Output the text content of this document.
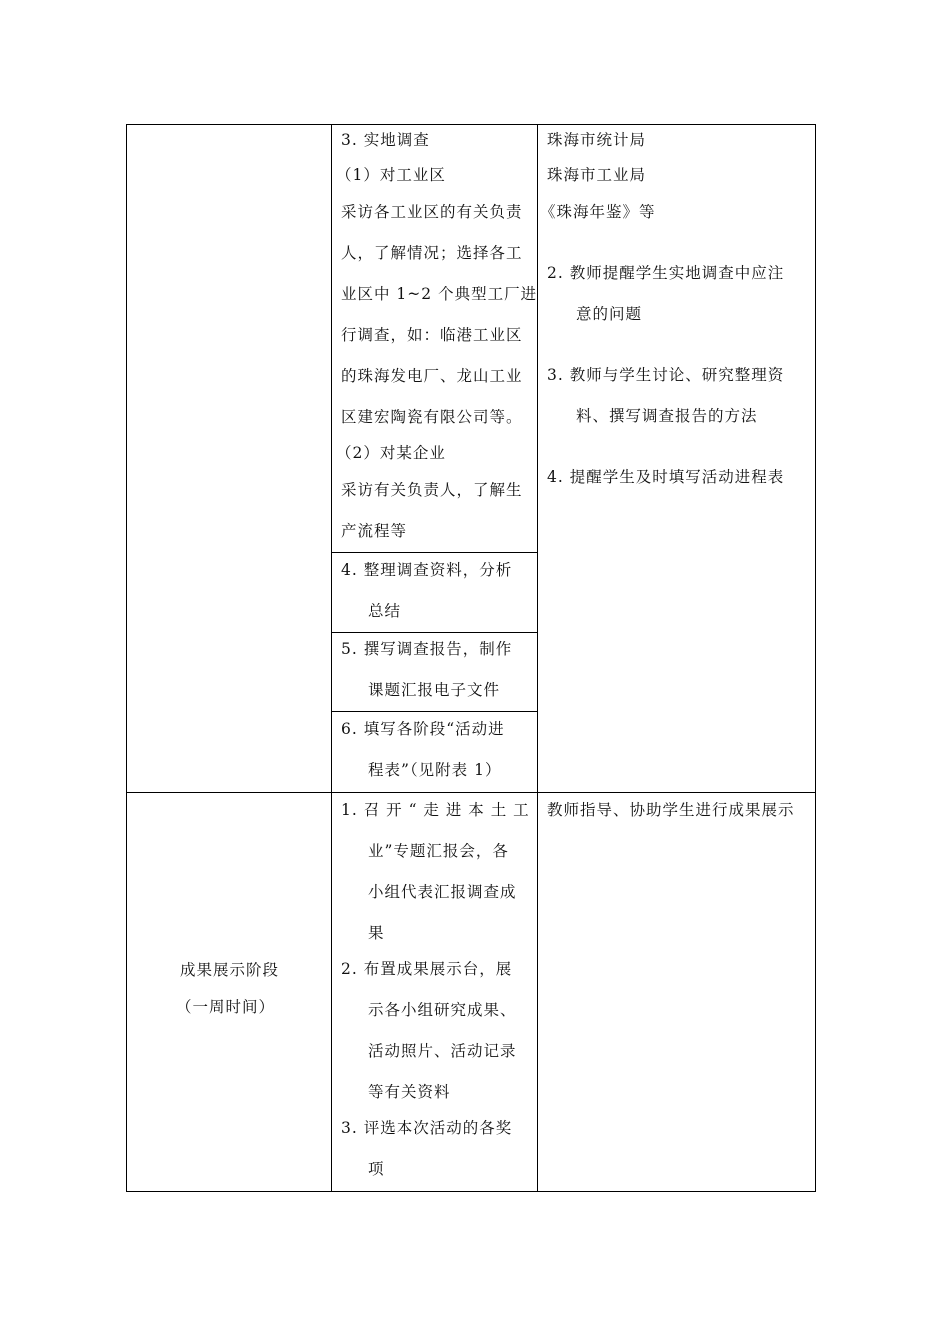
3. 实地调查
（1）对工业区
采访各工业区的有关负责
人，了解情况；选择各工
业区中 1~2 个典型工厂进
行调查，如：临港工业区
的珠海发电厂、龙山工业
区建宏陶瓷有限公司等。
（2）对某企业
采访有关负责人，了解生
产流程等
4. 整理调查资料，分析
总结
5. 撰写调查报告，制作
课题汇报电子文件
6. 填写各阶段“活动进
程表”（见附表 1）
珠海市统计局
珠海市工业局
《珠海年鉴》等
2. 教师提醒学生实地调查中应注
意的问题
3. 教师与学生讨论、研究整理资
料、撰写调查报告的方法
4. 提醒学生及时填写活动进程表
成果展示阶段
（一周时间）
1. 召 开 “ 走 进 本 土 工
业”专题汇报会，各
小组代表汇报调查成
果
2. 布置成果展示台，展
示各小组研究成果、
活动照片、活动记录
等有关资料
3. 评选本次活动的各奖
项
教师指导、协助学生进行成果展示
